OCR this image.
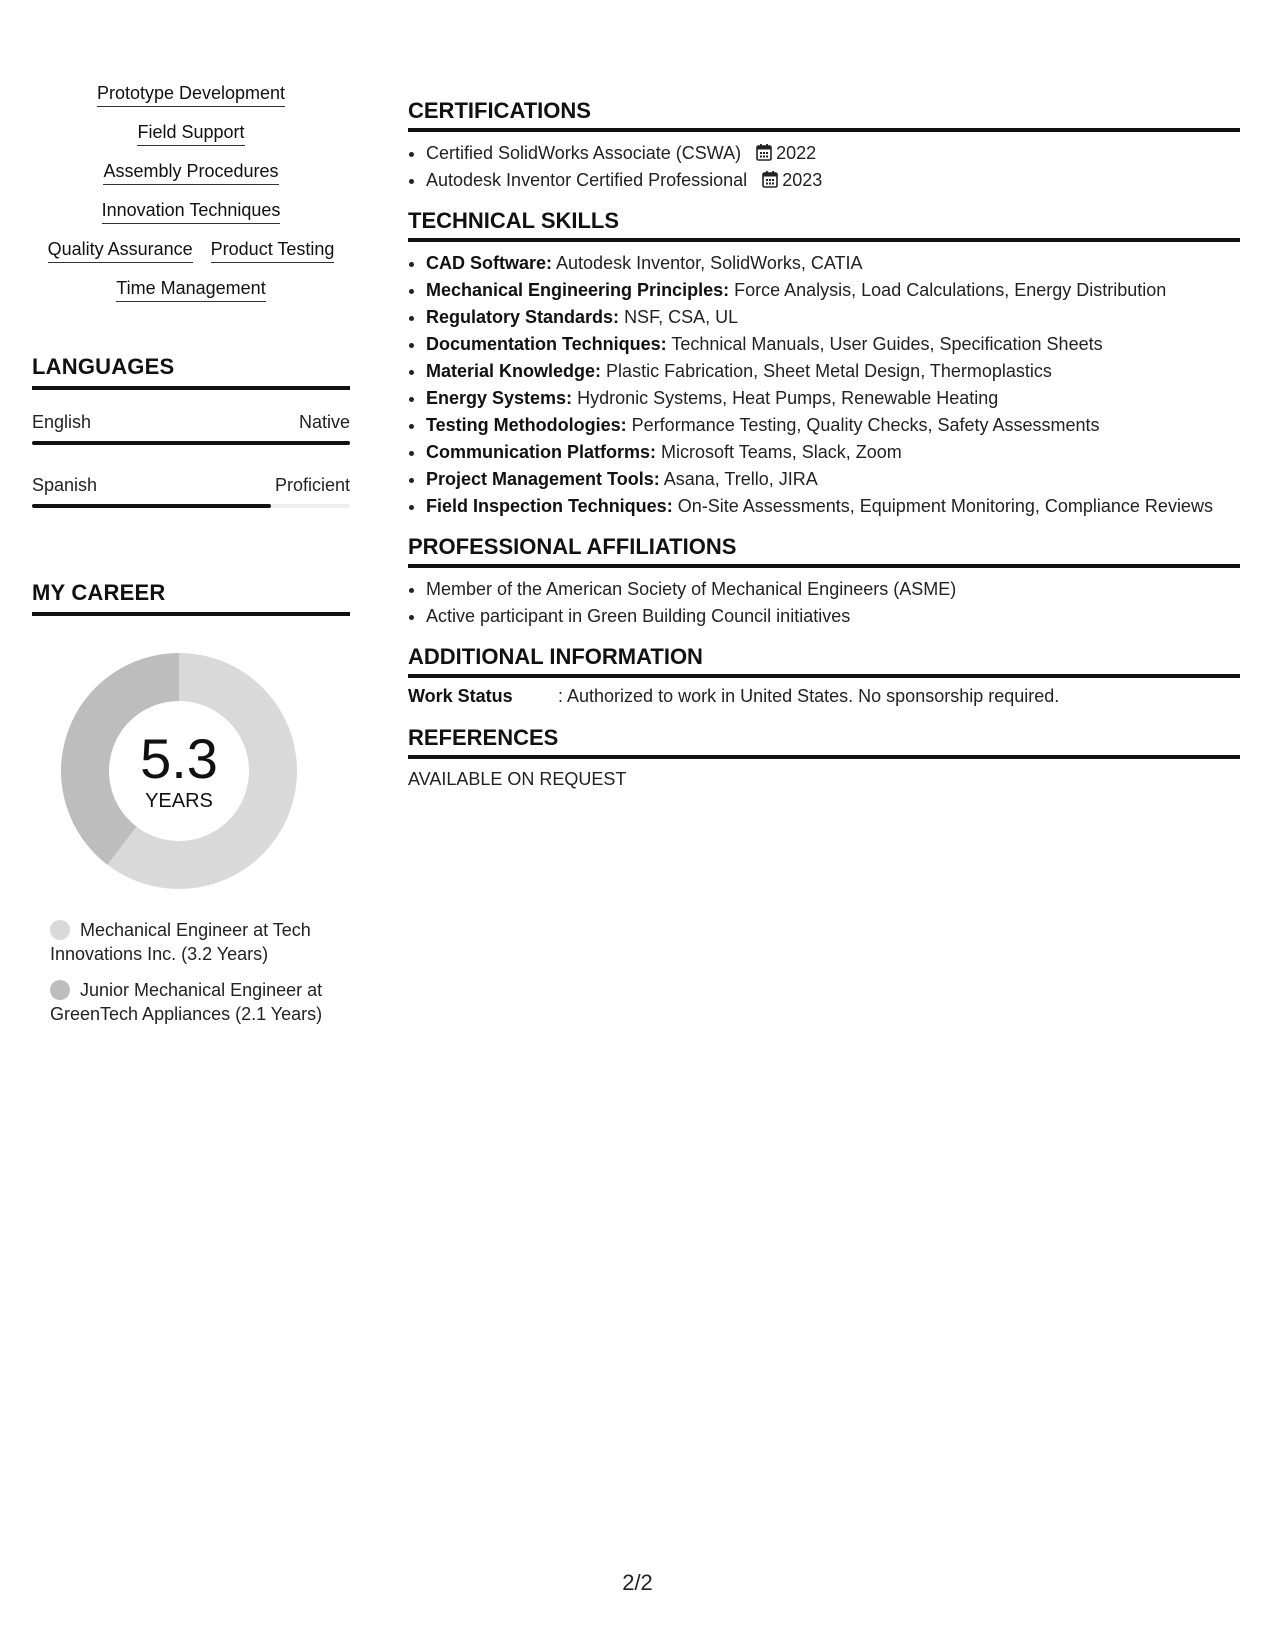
Prototype Development
Field Support
Assembly Procedures
Innovation Techniques
Quality Assurance Product Testing
Time Management
LANGUAGES
English	Native
Spanish	Proficient
MY CAREER
5.3
YEARS
Mechanical Engineer at Tech Innovations Inc. (3.2 Years)
Junior Mechanical Engineer at GreenTech Appliances (2.1 Years)
CERTIFICATIONS
• Certified SolidWorks Associate (CSWA) 2022
• Autodesk Inventor Certified Professional 2023
TECHNICAL SKILLS
• CAD Software: Autodesk Inventor, SolidWorks, CATIA
• Mechanical Engineering Principles: Force Analysis, Load Calculations, Energy Distribution
• Regulatory Standards: NSF, CSA, UL
• Documentation Techniques: Technical Manuals, User Guides, Specification Sheets
• Material Knowledge: Plastic Fabrication, Sheet Metal Design, Thermoplastics
• Energy Systems: Hydronic Systems, Heat Pumps, Renewable Heating
• Testing Methodologies: Performance Testing, Quality Checks, Safety Assessments
• Communication Platforms: Microsoft Teams, Slack, Zoom
• Project Management Tools: Asana, Trello, JIRA
• Field Inspection Techniques: On-Site Assessments, Equipment Monitoring, Compliance Reviews
PROFESSIONAL AFFILIATIONS
• Member of the American Society of Mechanical Engineers (ASME)
• Active participant in Green Building Council initiatives
ADDITIONAL INFORMATION
Work Status	: Authorized to work in United States. No sponsorship required.
REFERENCES
AVAILABLE ON REQUEST
2/2
